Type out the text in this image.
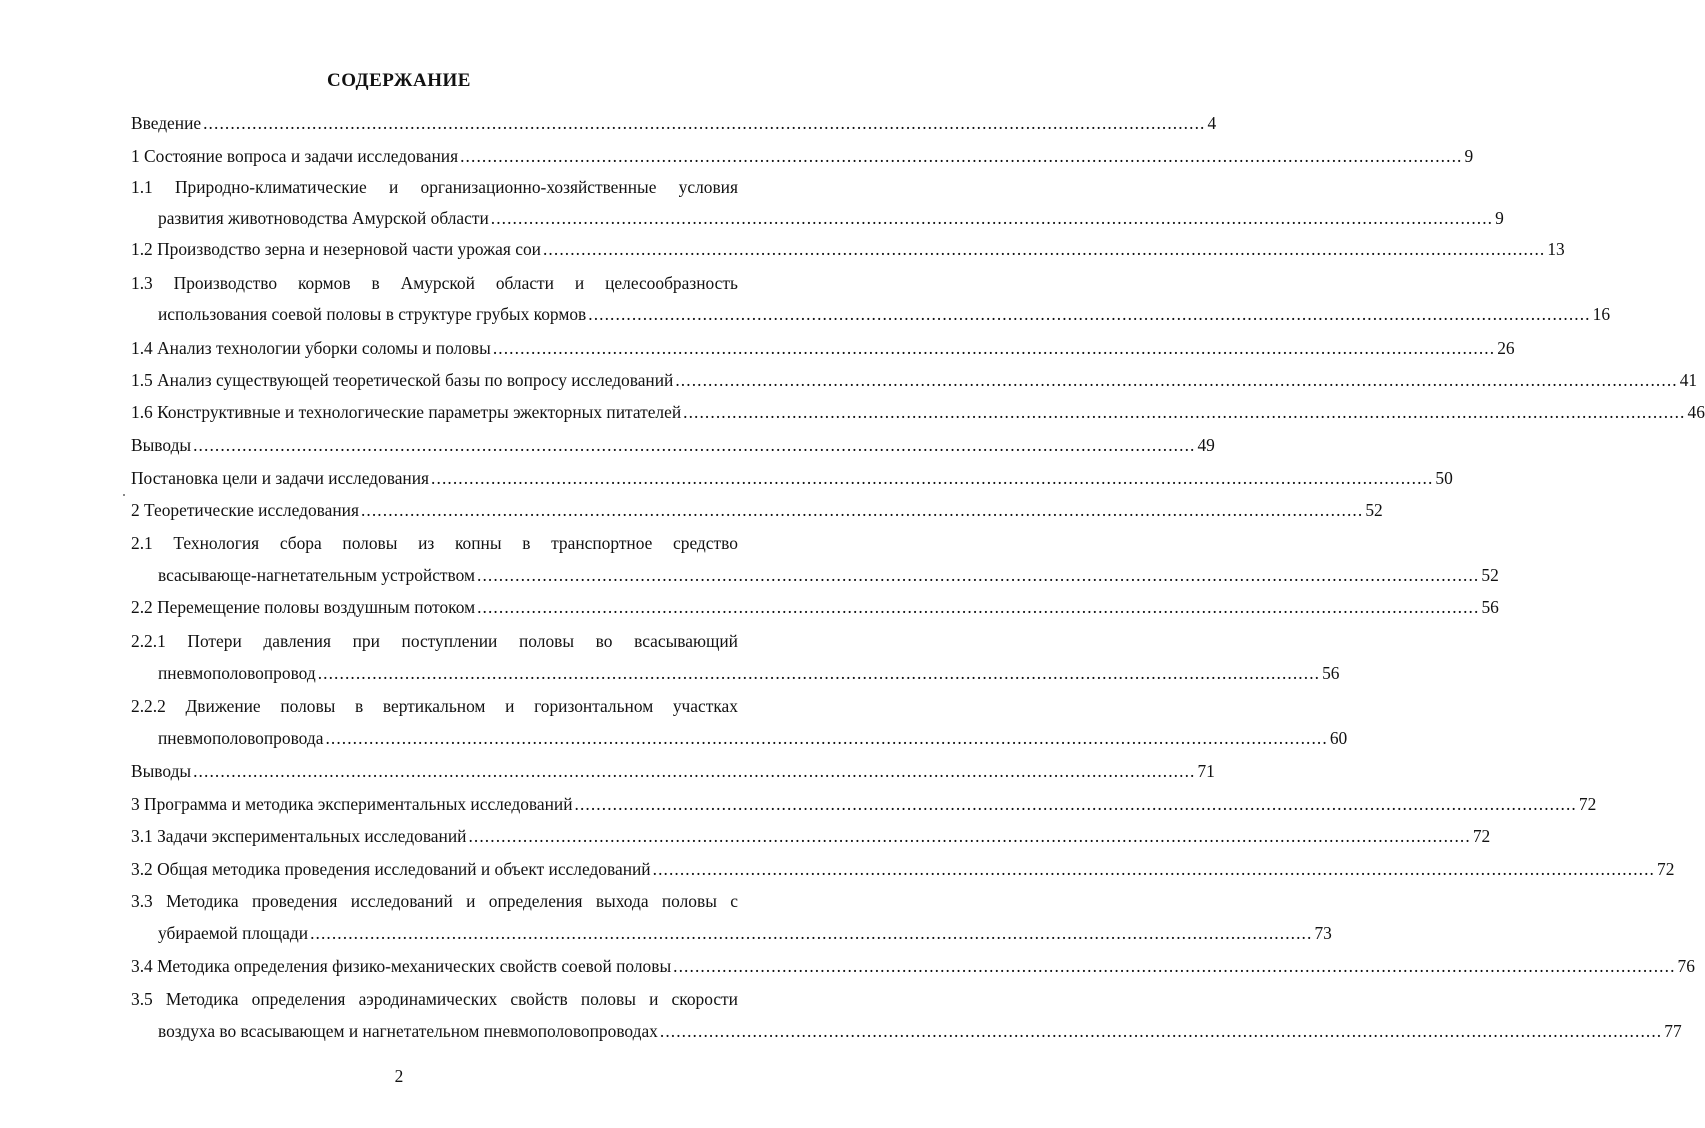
СОДЕРЖАНИЕ
Введение ........................................................................................................................................................................................ 4
1 Состояние вопроса и задачи исследования ........................................................................................................................................................................................ 9
1.1 Природно-климатические и организационно-хозяйственные условия
развития животноводства Амурской области ........................................................................................................................................................................................ 9
1.2 Производство зерна и незерновой части урожая сои ........................................................................................................................................................................................ 13
1.3 Производство кормов в Амурской области и целесообразность
использования соевой половы в структуре грубых кормов ........................................................................................................................................................................................ 16
1.4 Анализ технологии уборки соломы и половы ........................................................................................................................................................................................ 26
1.5 Анализ существующей теоретической базы по вопросу исследований ........................................................................................................................................................................................ 41
1.6 Конструктивные и технологические параметры эжекторных питателей ........................................................................................................................................................................................ 46
Выводы ........................................................................................................................................................................................ 49
Постановка цели и задачи исследования ........................................................................................................................................................................................ 50
2 Теоретические исследования ........................................................................................................................................................................................ 52
2.1 Технология сбора половы из копны в транспортное средство
всасывающе-нагнетательным устройством ........................................................................................................................................................................................ 52
2.2 Перемещение половы воздушным потоком ........................................................................................................................................................................................ 56
2.2.1 Потери давления при поступлении половы во всасывающий
пневмополовопровод ........................................................................................................................................................................................ 56
2.2.2 Движение половы в вертикальном и горизонтальном участках
пневмополовопровода ........................................................................................................................................................................................ 60
Выводы ........................................................................................................................................................................................ 71
3 Программа и методика экспериментальных исследований ........................................................................................................................................................................................ 72
3.1 Задачи экспериментальных исследований ........................................................................................................................................................................................ 72
3.2 Общая методика проведения исследований и объект исследований ........................................................................................................................................................................................ 72
3.3 Методика проведения исследований и определения выхода половы с
убираемой площади ........................................................................................................................................................................................ 73
3.4 Методика определения физико-механических свойств соевой половы ........................................................................................................................................................................................ 76
3.5 Методика определения аэродинамических свойств половы и скорости
воздуха во всасывающем и нагнетательном пневмополовопроводах ........................................................................................................................................................................................ 77
2
